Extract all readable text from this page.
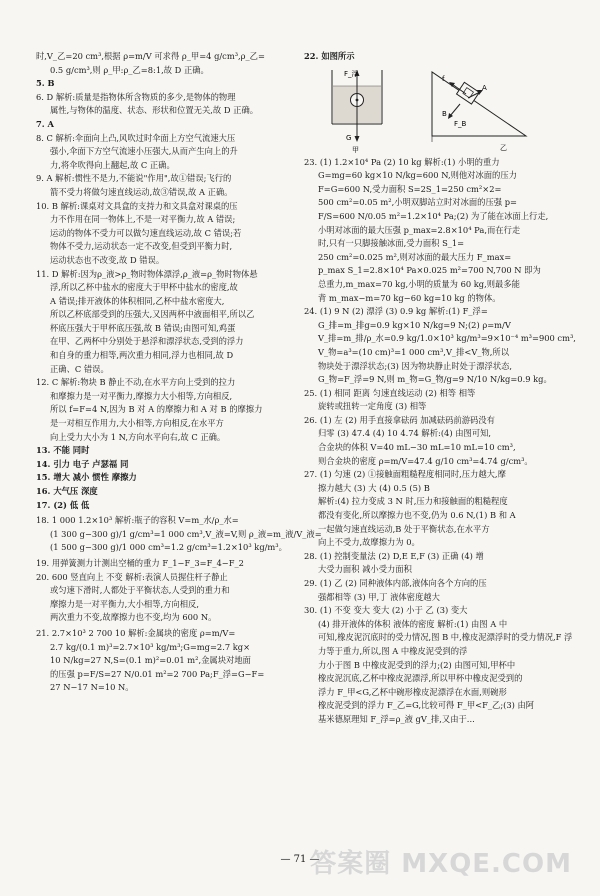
时,V_乙=20 cm³,根据 ρ=m/V 可求得 ρ_甲=4 g/cm³,ρ_乙=
0.5 g/cm³,则 ρ_甲:ρ_乙=8:1,故 D 正确。
5. B
6. D 解析:质量是指物体所含物质的多少,是物体的物理
属性,与物体的温度、状态、形状和位置无关,故 D 正确。
7. A
8. C 解析:伞面向上凸,风吹过时伞面上方空气流速大压
强小,伞面下方空气流速小压强大,从而产生向上的升
力,将伞吹得向上翻起,故 C 正确。
9. A 解析:惯性不是力,不能说"作用",故①错误;飞行的
箭不受力将做匀速直线运动,故③错误,故 A 正确。
10. B 解析:课桌对文具盒的支持力和文具盒对课桌的压
力不作用在同一物体上,不是一对平衡力,故 A 错误;
运动的物体不受力可以做匀速直线运动,故 C 错误;若
物体不受力,运动状态一定不改变,但受到平衡力时,
运动状态也不改变,故 D 错误。
11. D 解析:因为ρ_液>ρ_物时物体漂浮,ρ_液=ρ_物时物体悬
浮,所以乙杯中盐水的密度大于甲杯中盐水的密度,故
A 错误;排开液体的体积相同,乙杯中盐水密度大,
所以乙杯底部受到的压强大,又因两杯中液面相平,所以乙
杯底压强大于甲杯底压强,故 B 错误;由图可知,鸡蛋
在甲、乙两杯中分别处于悬浮和漂浮状态,受到的浮力
和自身的重力相等,两次重力相同,浮力也相同,故 D
正确、C 错误。
12. C 解析:物块 B 静止不动,在水平方向上受到的拉力
和摩擦力是一对平衡力,摩擦力大小相等,方向相反,
所以 f=F=4 N,因为 B 对 A 的摩擦力和 A 对 B 的摩擦力
是一对相互作用力,大小相等,方向相反,在水平方
向上受力大小为 1 N,方向水平向右,故 C 正确。
13. 不能 同时
14. 引力 电子 卢瑟福 同
15. 增大 减小 惯性 摩擦力
16. 大气压 深度
17. (2) 低 低
18. 1 000 1.2×10³ 解析:瓶子的容积 V=m_水/ρ_水=
(1 300 g−300 g)/1 g/cm³=1 000 cm³,V_液=V,则 ρ_液=m_液/V_液=
(1 500 g−300 g)/1 000 cm³=1.2 g/cm³=1.2×10³ kg/m³。
19. 用弹簧测力计测出空桶的重力 F_1−F_3=F_4−F_2
20. 600 竖直向上 不变 解析:表演人员握住杆子静止
或匀速下滑时,人都处于平衡状态,人受到的重力和
摩擦力是一对平衡力,大小相等,方向相反,
两次重力不变,故摩擦力也不变,均为 600 N。
21. 2.7×10³ 2 700 10 解析:金属块的密度 ρ=m/V=
2.7 kg/(0.1 m)³=2.7×10³ kg/m³;G=mg=2.7 kg×
10 N/kg=27 N,S=(0.1 m)²=0.01 m²,金属块对地面
的压强 p=F/S=27 N/0.01 m²=2 700 Pa;F_浮=G−F=
27 N−17 N=10 N。
22. 如图所示
F_浮
G
甲
f
A
B
F_B
乙
23. (1) 1.2×10⁴ Pa (2) 10 kg 解析:(1) 小明的重力
G=mg=60 kg×10 N/kg=600 N,则他对冰面的压力
F=G=600 N,受力面积 S=2S_1=250 cm²×2=
500 cm²=0.05 m²,小明双脚站立时对冰面的压强 p=
F/S=600 N/0.05 m²=1.2×10⁴ Pa;(2) 为了能在冰面上行走,
小明对冰面的最大压强 p_max=2.8×10⁴ Pa,而在行走
时,只有一只脚接触冰面,受力面积 S_1=
250 cm²=0.025 m²,则对冰面的最大压力 F_max=
p_max S_1=2.8×10⁴ Pa×0.025 m²=700 N,700 N 即为
总重力,m_max=70 kg,小明的质量为 60 kg,则最多能
背 m_max−m=70 kg−60 kg=10 kg 的物体。
24. (1) 9 N (2) 漂浮 (3) 0.9 kg 解析:(1) F_浮=
G_排=m_排g=0.9 kg×10 N/kg=9 N;(2) ρ=m/V
V_排=m_排/ρ_水=0.9 kg/1.0×10³ kg/m³=9×10⁻⁴ m³=900 cm³,
V_物=a³=(10 cm)³=1 000 cm³,V_排<V_物,所以
物块处于漂浮状态;(3) 因为物块静止时处于漂浮状态,
G_物=F_浮=9 N,则 m_物=G_物/g=9 N/10 N/kg=0.9 kg。
25. (1) 相同 距离 匀速直线运动 (2) 相等 相等
旋转或扭转一定角度 (3) 相等
26. (1) 左 (2) 用手直接拿砝码 加减砝码前游码没有
归零 (3) 47.4 (4) 10 4.74 解析:(4) 由图可知,
合金块的体积 V=40 mL−30 mL=10 mL=10 cm³,
则合金块的密度 ρ=m/V=47.4 g/10 cm³=4.74 g/cm³。
27. (1) 匀速 (2) ①接触面粗糙程度相同时,压力越大,摩
擦力越大 (3) 大 (4) 0.5 (5) B
解析:(4) 拉力变成 3 N 时,压力和接触面的粗糙程度
都没有变化,所以摩擦力也不变,仍为 0.6 N,(1) B 和 A
一起做匀速直线运动,B 处于平衡状态,在水平方
向上不受力,故摩擦力为 0。
28. (1) 控制变量法 (2) D,E E,F (3) 正确 (4) 增
大受力面积 减小受力面积
29. (1) 乙 (2) 同种液体内部,液体向各个方向的压
强都相等 (3) 甲,丁 液体密度越大
30. (1) 不变 变大 变大 (2) 小于 乙 (3) 变大
(4) 排开液体的体积 液体的密度 解析:(1) 由图 A 中
可知,橡皮泥沉底时的受力情况,图 B 中,橡皮泥漂浮时的受力情况,F 浮
力等于重力,所以,图 A 中橡皮泥受到的浮
力小于图 B 中橡皮泥受到的浮力;(2) 由图可知,甲杯中
橡皮泥沉底,乙杯中橡皮泥漂浮,所以甲杯中橡皮泥受到的
浮力 F_甲<G,乙杯中碗形橡皮泥漂浮在水面,则碗形
橡皮泥受到的浮力 F_乙=G,比较可得 F_甲<F_乙;(3) 由阿
基米德原理知 F_浮=ρ_液 gV_排,又由于...
— 71 —
答案圈 MXQE.COM
